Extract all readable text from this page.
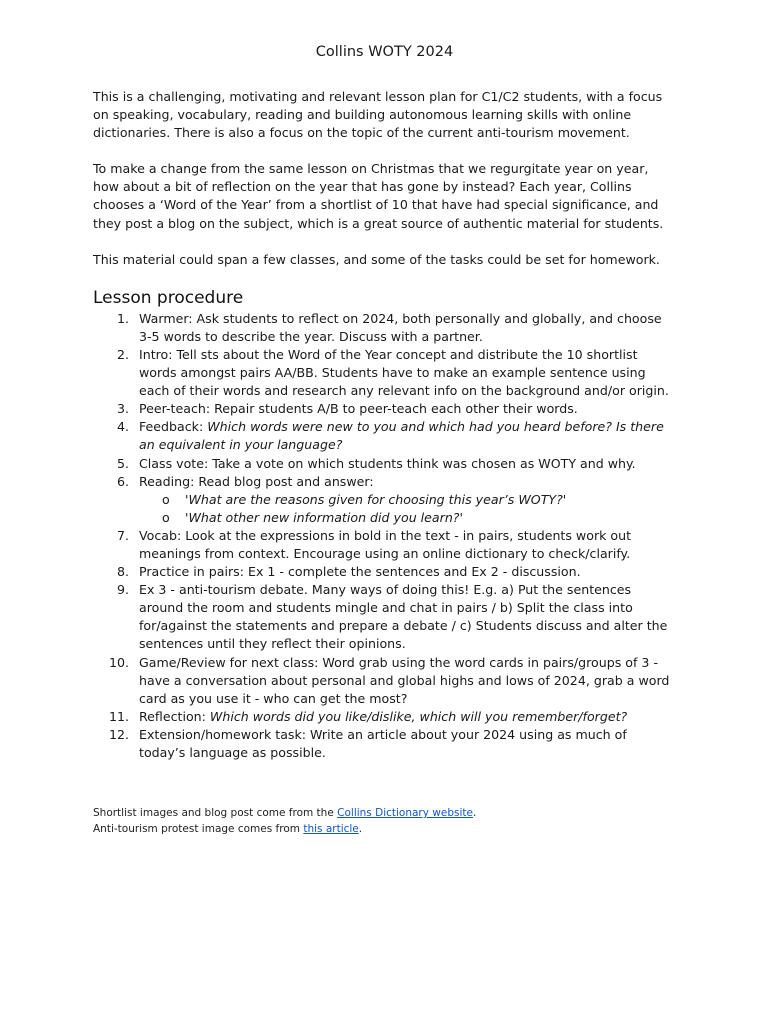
Collins WOTY 2024

This is a challenging, motivating and relevant lesson plan for C1/C2 students, with a focus on speaking, vocabulary, reading and building autonomous learning skills with online dictionaries. There is also a focus on the topic of the current anti-tourism movement.

To make a change from the same lesson on Christmas that we regurgitate year on year, how about a bit of reflection on the year that has gone by instead? Each year, Collins chooses a ‘Word of the Year’ from a shortlist of 10 that have had special significance, and they post a blog on the subject, which is a great source of authentic material for students.

This material could span a few classes, and some of the tasks could be set for homework.

Lesson procedure
1. Warmer: Ask students to reflect on 2024, both personally and globally, and choose 3-5 words to describe the year. Discuss with a partner.
2. Intro: Tell sts about the Word of the Year concept and distribute the 10 shortlist words amongst pairs AA/BB. Students have to make an example sentence using each of their words and research any relevant info on the background and/or origin.
3. Peer-teach: Repair students A/B to peer-teach each other their words.
4. Feedback: Which words were new to you and which had you heard before? Is there an equivalent in your language?
5. Class vote: Take a vote on which students think was chosen as WOTY and why.
6. Reading: Read blog post and answer:
o 'What are the reasons given for choosing this year’s WOTY?'
o 'What other new information did you learn?'
7. Vocab: Look at the expressions in bold in the text - in pairs, students work out meanings from context. Encourage using an online dictionary to check/clarify.
8. Practice in pairs: Ex 1 - complete the sentences and Ex 2 - discussion.
9. Ex 3 - anti-tourism debate. Many ways of doing this! E.g. a) Put the sentences around the room and students mingle and chat in pairs / b) Split the class into for/against the statements and prepare a debate / c) Students discuss and alter the sentences until they reflect their opinions.
10. Game/Review for next class: Word grab using the word cards in pairs/groups of 3 - have a conversation about personal and global highs and lows of 2024, grab a word card as you use it - who can get the most?
11. Reflection: Which words did you like/dislike, which will you remember/forget?
12. Extension/homework task: Write an article about your 2024 using as much of today’s language as possible.
Shortlist images and blog post come from the Collins Dictionary website.
Anti-tourism protest image comes from this article.
